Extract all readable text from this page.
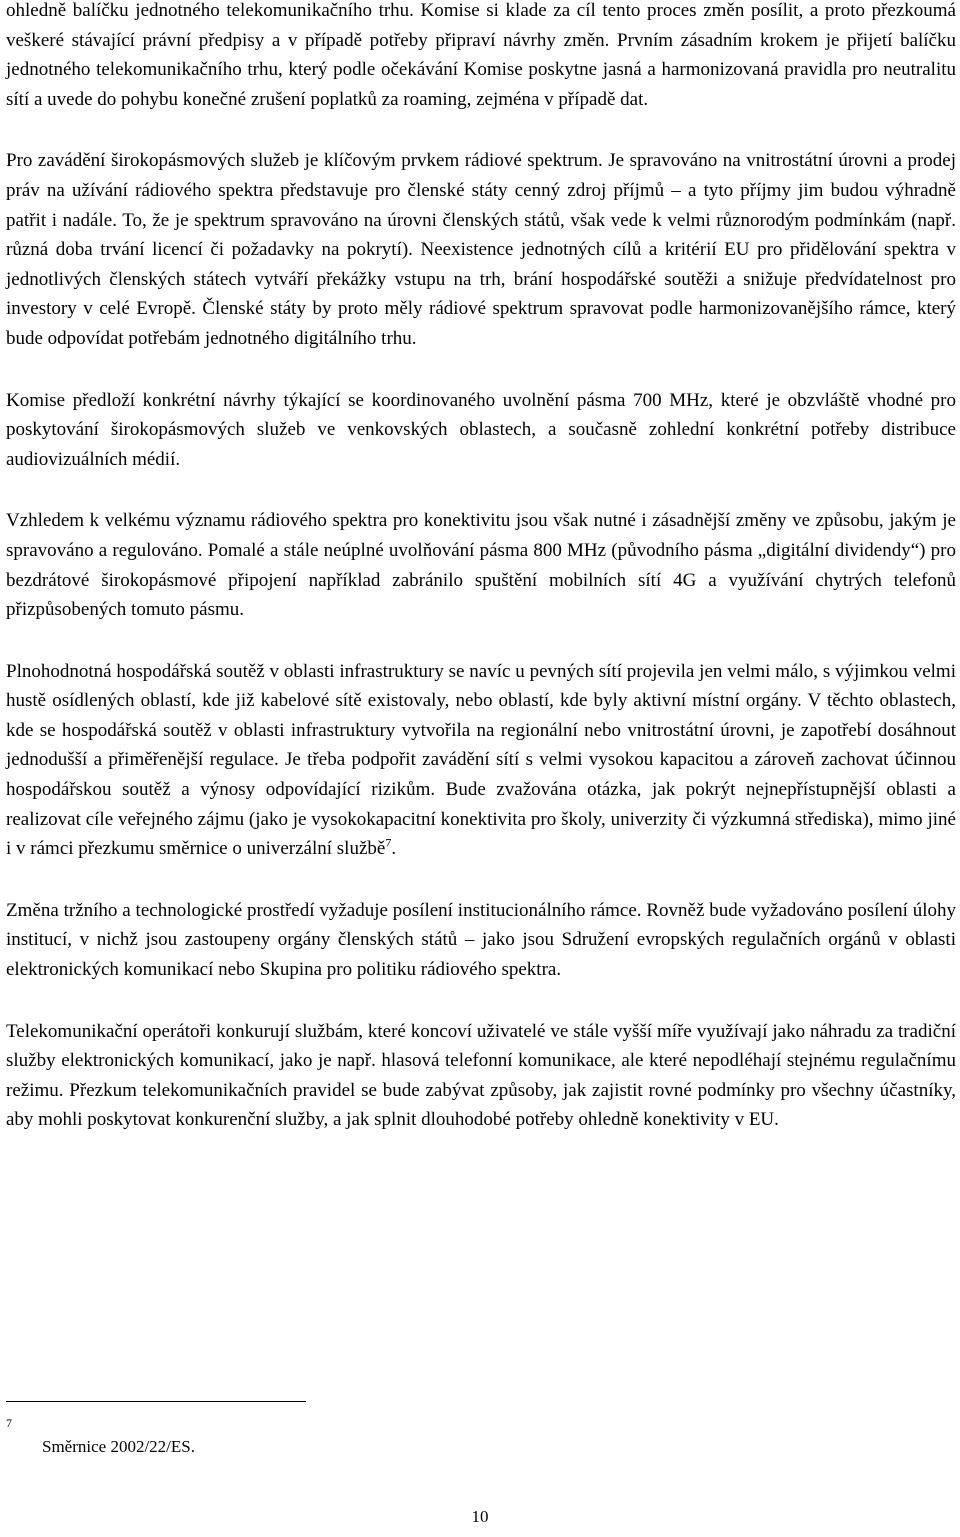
ohledně balíčku jednotného telekomunikačního trhu. Komise si klade za cíl tento proces změn posílit, a proto přezkoumá veškeré stávající právní předpisy a v případě potřeby připraví návrhy změn. Prvním zásadním krokem je přijetí balíčku jednotného telekomunikačního trhu, který podle očekávání Komise poskytne jasná a harmonizovaná pravidla pro neutralitu sítí a uvede do pohybu konečné zrušení poplatků za roaming, zejména v případě dat.

Pro zavádění širokopásmových služeb je klíčovým prvkem rádiové spektrum. Je spravováno na vnitrostátní úrovni a prodej práv na užívání rádiového spektra představuje pro členské státy cenný zdroj příjmů – a tyto příjmy jim budou výhradně patřit i nadále. To, že je spektrum spravováno na úrovni členských států, však vede k velmi různorodým podmínkám (např. různá doba trvání licencí či požadavky na pokrytí). Neexistence jednotných cílů a kritérií EU pro přidělování spektra v jednotlivých členských státech vytváří překážky vstupu na trh, brání hospodářské soutěži a snižuje předvídatelnost pro investory v celé Evropě. Členské státy by proto měly rádiové spektrum spravovat podle harmonizovanějšího rámce, který bude odpovídat potřebám jednotného digitálního trhu.

Komise předloží konkrétní návrhy týkající se koordinovaného uvolnění pásma 700 MHz, které je obzvláště vhodné pro poskytování širokopásmových služeb ve venkovských oblastech, a současně zohlední konkrétní potřeby distribuce audiovizuálních médií.

Vzhledem k velkému významu rádiového spektra pro konektivitu jsou však nutné i zásadnější změny ve způsobu, jakým je spravováno a regulováno. Pomalé a stále neúplné uvolňování pásma 800 MHz (původního pásma „digitální dividendy“) pro bezdrátové širokopásmové připojení například zabránilo spuštění mobilních sítí 4G a využívání chytrých telefonů přizpůsobených tomuto pásmu.

Plnohodnotná hospodářská soutěž v oblasti infrastruktury se navíc u pevných sítí projevila jen velmi málo, s výjimkou velmi hustě osídlených oblastí, kde již kabelové sítě existovaly, nebo oblastí, kde byly aktivní místní orgány. V těchto oblastech, kde se hospodářská soutěž v oblasti infrastruktury vytvořila na regionální nebo vnitrostátní úrovni, je zapotřebí dosáhnout jednodušší a přiměřenější regulace. Je třeba podpořit zavádění sítí s velmi vysokou kapacitou a zároveň zachovat účinnou hospodářskou soutěž a výnosy odpovídající rizikům. Bude zvažována otázka, jak pokrýt nejnepřístupnější oblasti a realizovat cíle veřejného zájmu (jako je vysokokapacitní konektivita pro školy, univerzity či výzkumná střediska), mimo jiné i v rámci přezkumu směrnice o univerzální službě$^7$.

Změna tržního a technologické prostředí vyžaduje posílení institucionálního rámce. Rovněž bude vyžadováno posílení úlohy institucí, v nichž jsou zastoupeny orgány členských států – jako jsou Sdružení evropských regulačních orgánů v oblasti elektronických komunikací nebo Skupina pro politiku rádiového spektra.

Telekomunikační operátoři konkurují službám, které koncoví uživatelé ve stále vyšší míře využívají jako náhradu za tradiční služby elektronických komunikací, jako je např. hlasová telefonní komunikace, ale které nepodléhají stejnému regulačnímu režimu. Přezkum telekomunikačních pravidel se bude zabývat způsoby, jak zajistit rovné podmínky pro všechny účastníky, aby mohli poskytovat konkurenční služby, a jak splnit dlouhodobé potřeby ohledně konektivity v EU.

7
Směrnice 2002/22/ES.
10
